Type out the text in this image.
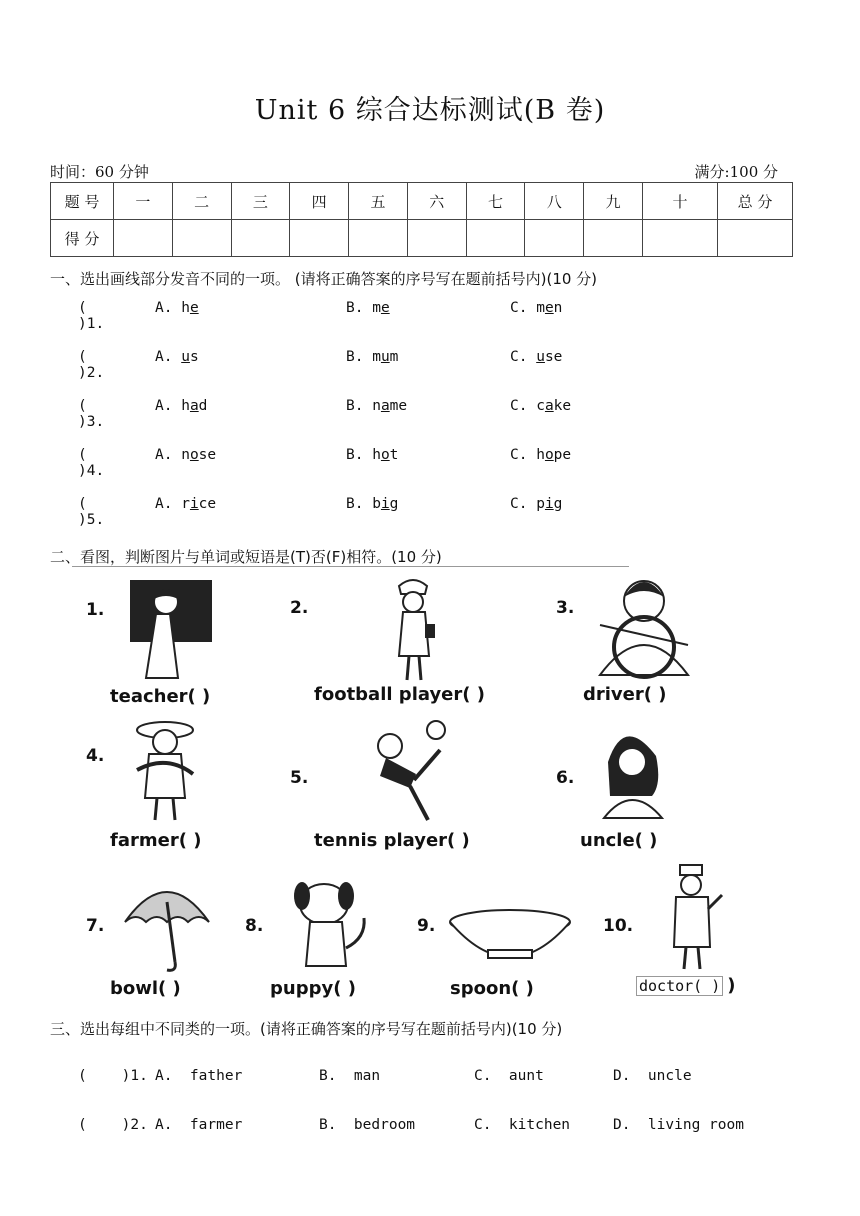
Unit 6 综合达标测试(B 卷)
时间：60 分钟	满分:100 分
题 号	一	二	三	四	五	六	七	八	九	十	总 分
得 分											
一、选出画线部分发音不同的一项。 (请将正确答案的序号写在题前括号内)(10 分)
( )1.
A. he	B. me	C. men
( )2.
A. us	B. mum	C. use
( )3.
A. had	B. name	C. cake
( )4.
A. nose	B. hot	C. hope
( )5.
A. rice	B. big	C. pig
二、看图，判断图片与单词或短语是(T)否(F)相符。(10 分)
1.
teacher( )
2.
football player( )
3.
driver( )
4.
farmer( )
5.
tennis player( )
6.
uncle( )
7.
bowl( )
8.
puppy( )
9.
spoon( )
10.
doctor( ) )
三、选出每组中不同类的一项。(请将正确答案的序号写在题前括号内)(10 分)
(    )1. A.  father	B.  man	C.  aunt	D.  uncle
(    )2. A.  farmer	B.  bedroom	C.  kitchen	D.  living room
